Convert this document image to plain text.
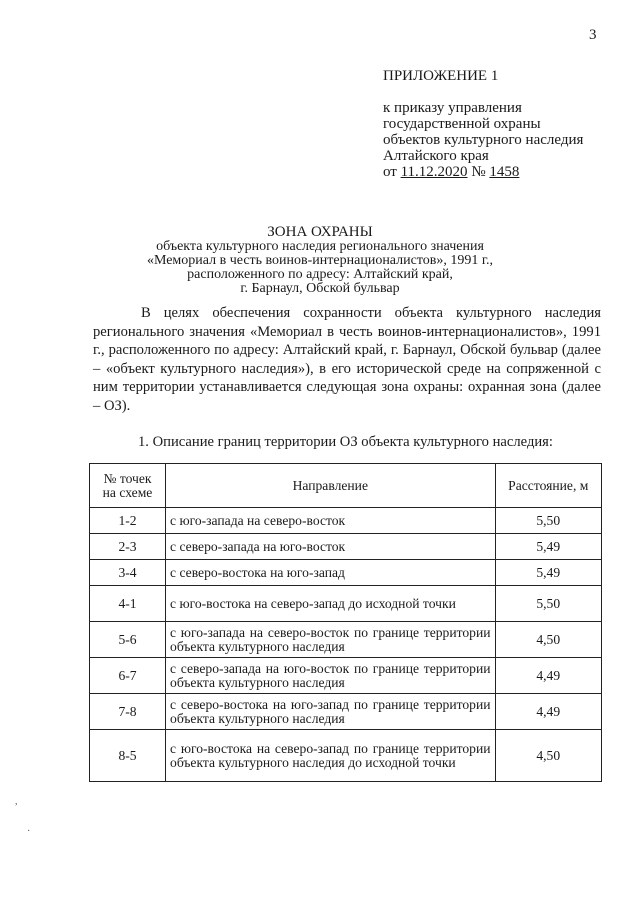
3
ПРИЛОЖЕНИЕ 1
к приказу управления
государственной охраны
объектов культурного наследия
Алтайского края
от 11.12.2020 № 1458
ЗОНА ОХРАНЫ
объекта культурного наследия регионального значения
«Мемориал в честь воинов-интернационалистов», 1991 г.,
расположенного по адресу: Алтайский край,
г. Барнаул, Обской бульвар
В целях обеспечения сохранности объекта культурного наследия регионального значения «Мемориал в честь воинов-интернационалистов», 1991 г., расположенного по адресу: Алтайский край, г. Барнаул, Обской бульвар (далее – «объект культурного наследия»), в его исторической среде на сопряженной с ним территории устанавливается следующая зона охраны: охранная зона (далее – ОЗ).
1. Описание границ территории ОЗ объекта культурного наследия:
№ точек
на схеме	Направление	Расстояние, м
1-2	с юго-запада на северо-восток	5,50
2-3	с северо-запада на юго-восток	5,49
3-4	с северо-востока на юго-запад	5,49
4-1	с юго-востока на северо-запад до исходной точки	5,50
5-6	с юго-запада на северо-восток по границе территории объекта культурного наследия	4,50
6-7	с северо-запада на юго-восток по границе территории объекта культурного наследия	4,49
7-8	с северо-востока на юго-запад по границе территории объекта культурного наследия	4,49
8-5	с юго-востока на северо-запад по границе территории объекта культурного наследия до исходной точки	4,50
,
·
